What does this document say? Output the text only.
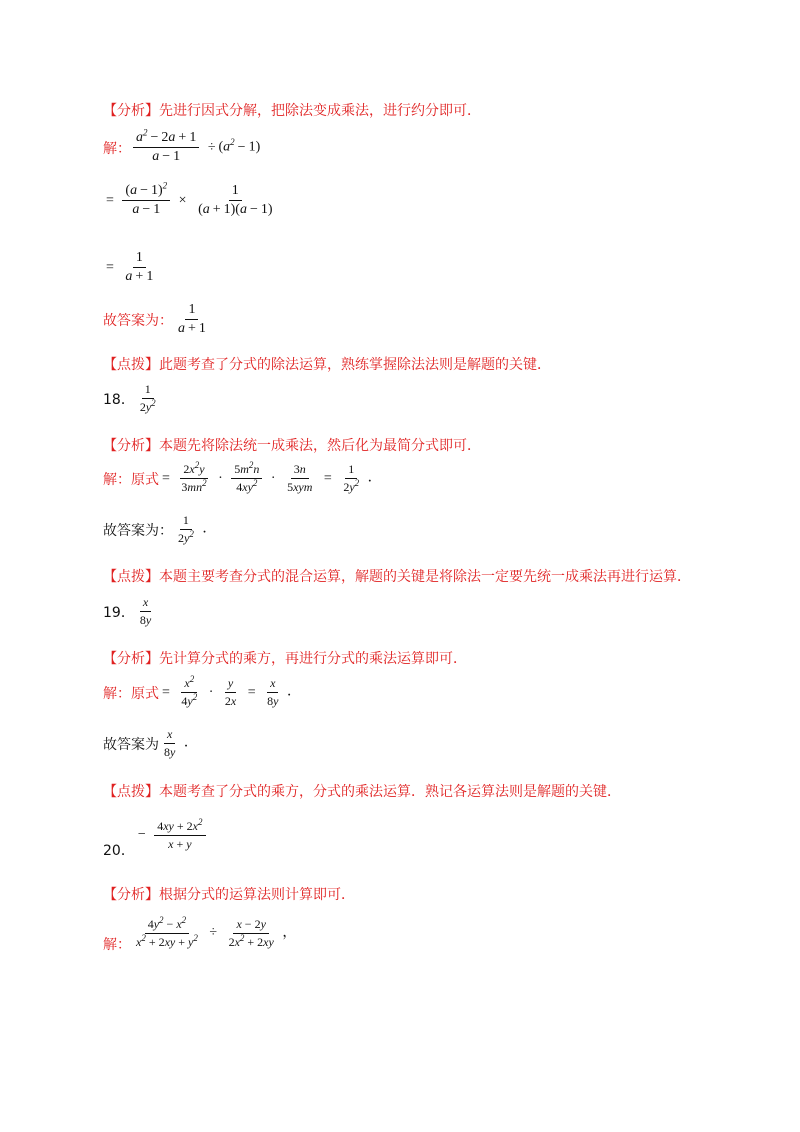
【分析】先进行因式分解，把除法变成乘法，进行约分即可．
解： $\frac{a^2 - 2a + 1}{a - 1} \div (a^2 - 1)$
= $\frac{(a - 1)^2}{a - 1} \times \frac{1}{(a + 1)(a - 1)}$
= $\frac{1}{a + 1}$
故答案为： $\frac{1}{a + 1}$
【点拨】此题考查了分式的除法运算，熟练掌握除法法则是解题的关键．
18． $\frac{1}{2y^2}$
【分析】本题先将除法统一成乘法，然后化为最简分式即可．
解：原式 = $\frac{2x^2y}{3mn^2} \cdot \frac{5m^2n}{4xy^2} \cdot \frac{3n}{\text{5xym}} = \frac{1}{2y^2}$ ．
故答案为： $\frac{1}{2y^2}$ ．
【点拨】本题主要考查分式的混合运算，解题的关键是将除法一定要先统一成乘法再进行运算．
19． $\frac{x}{8y}$
【分析】先计算分式的乘方，再进行分式的乘法运算即可．
解：原式 = $\frac{x^2}{4y^2} \cdot \frac{y}{2x} = \frac{x}{8y}$ ．
故答案为 $\frac{x}{8y}$ ．
【点拨】本题考查了分式的乘方，分式的乘法运算．熟记各运算法则是解题的关键．
20．
− $\frac{4xy + 2x^2}{x + y}$
【分析】根据分式的运算法则计算即可．
解： $\frac{4y^2 - x^2}{x^2 + 2xy + y^2} \div \frac{x - 2y}{2x^2 + 2xy}$ ，
